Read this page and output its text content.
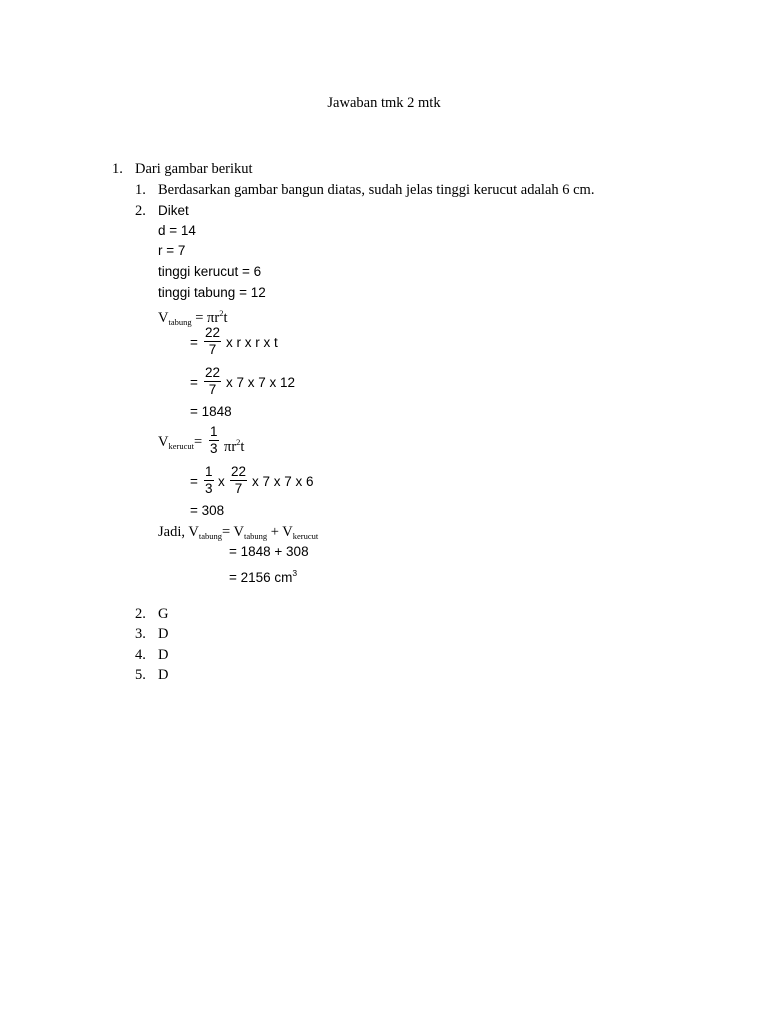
Jawaban tmk 2 mtk
1. Dari gambar berikut
1. Berdasarkan gambar bangun diatas, sudah jelas tinggi kerucut adalah 6 cm.
2. Diket
d = 14
r = 7
tinggi kerucut = 6
tinggi tabung = 12
$V_{tabung} = \pi r^2t$
=
22
7 x r x r x t
=
22
7 x 7 x 7 x 12
= 1848
$V_{kerucut}=$
1
3 $\pi r^2t$
=
1
3 x
22
7 x 7 x 7 x 6
= 308
Jadi, $V_{tabung}= V_{tabung} + V_{kerucut}$
= 1848 + 308
= 2156 $cm^3$
2. G
3. D
4. D
5. D
